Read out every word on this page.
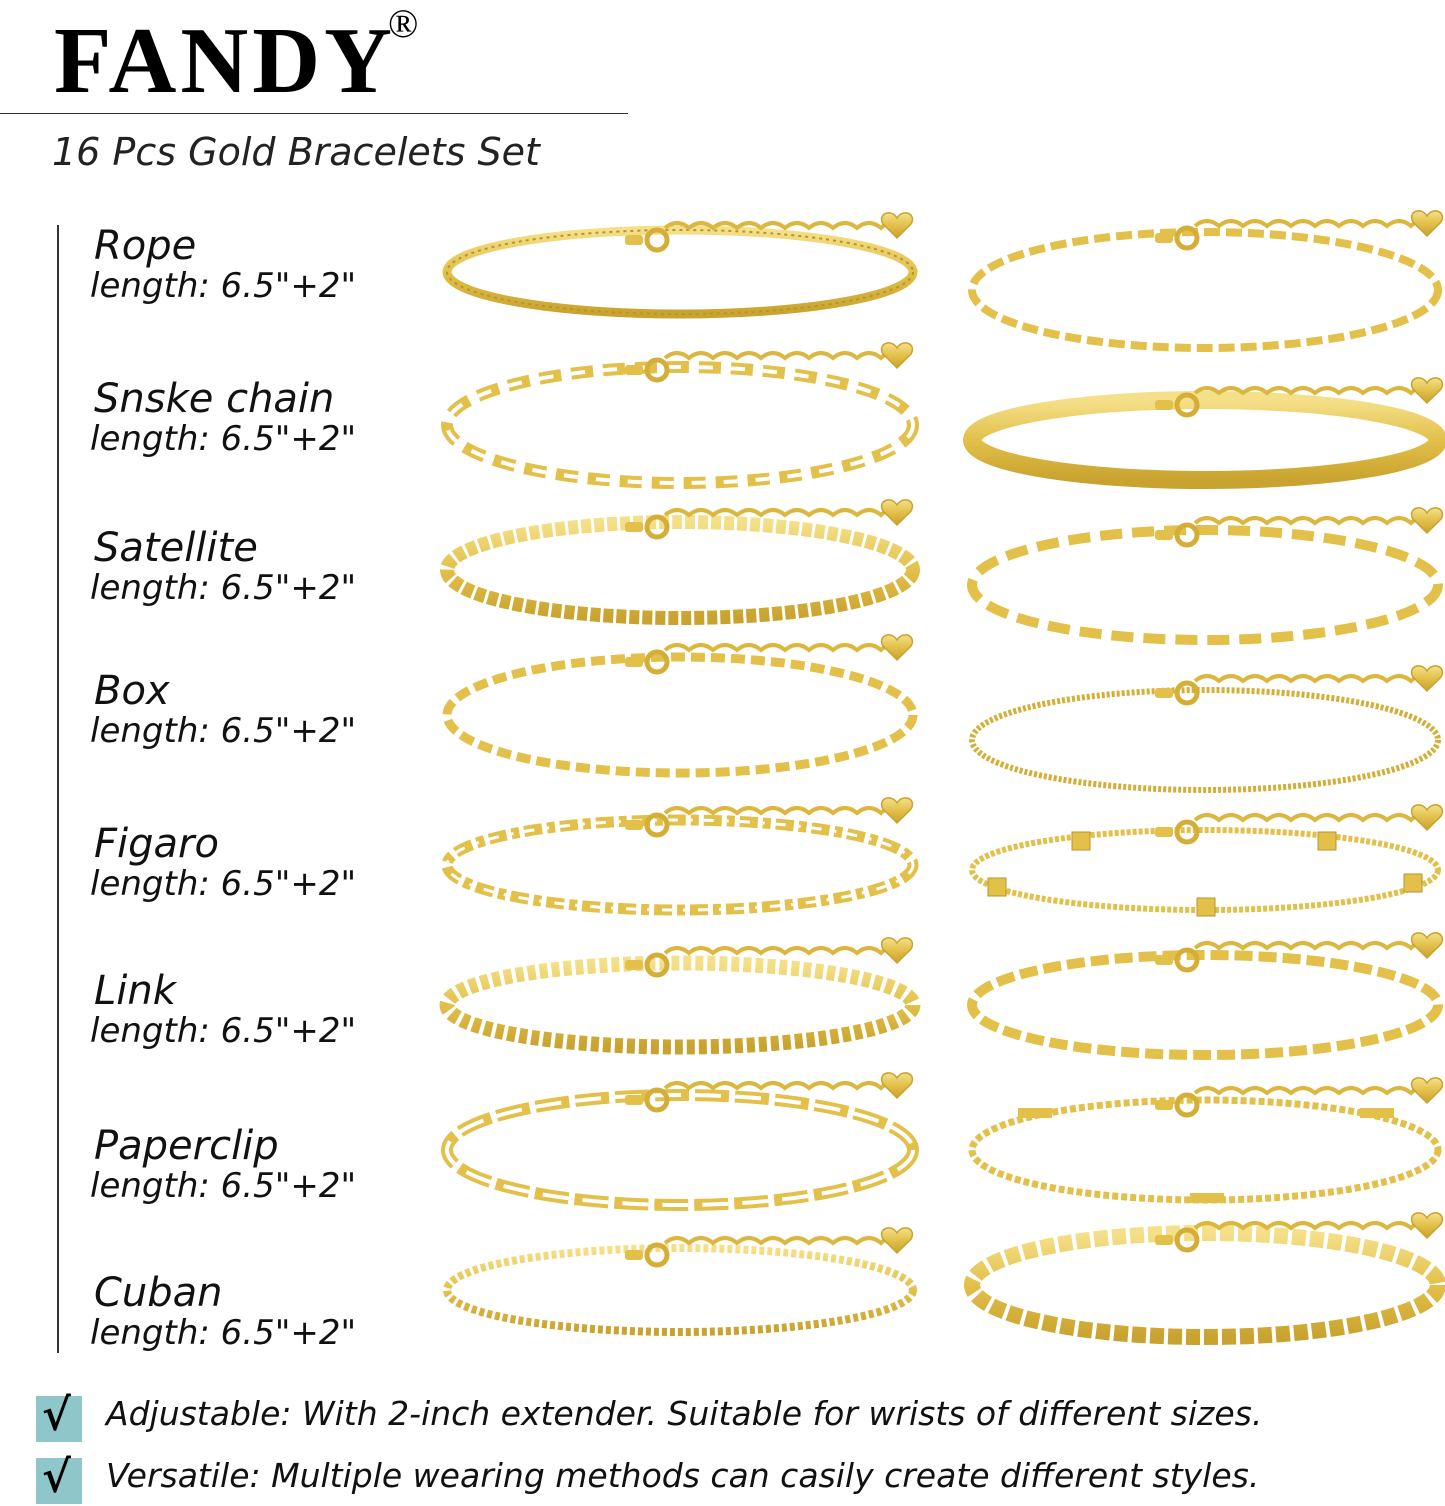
FANDY
®
16 Pcs Gold Bracelets Set
Rope
length: 6.5"+2"
Snske chain
length: 6.5"+2"
Satellite
length: 6.5"+2"
Box
length: 6.5"+2"
Figaro
length: 6.5"+2"
Link
length: 6.5"+2"
Paperclip
length: 6.5"+2"
Cuban
length: 6.5"+2"
√ Adjustable: With 2-inch extender. Suitable for wrists of different sizes.
√ Versatile: Multiple wearing methods can casily create different styles.
